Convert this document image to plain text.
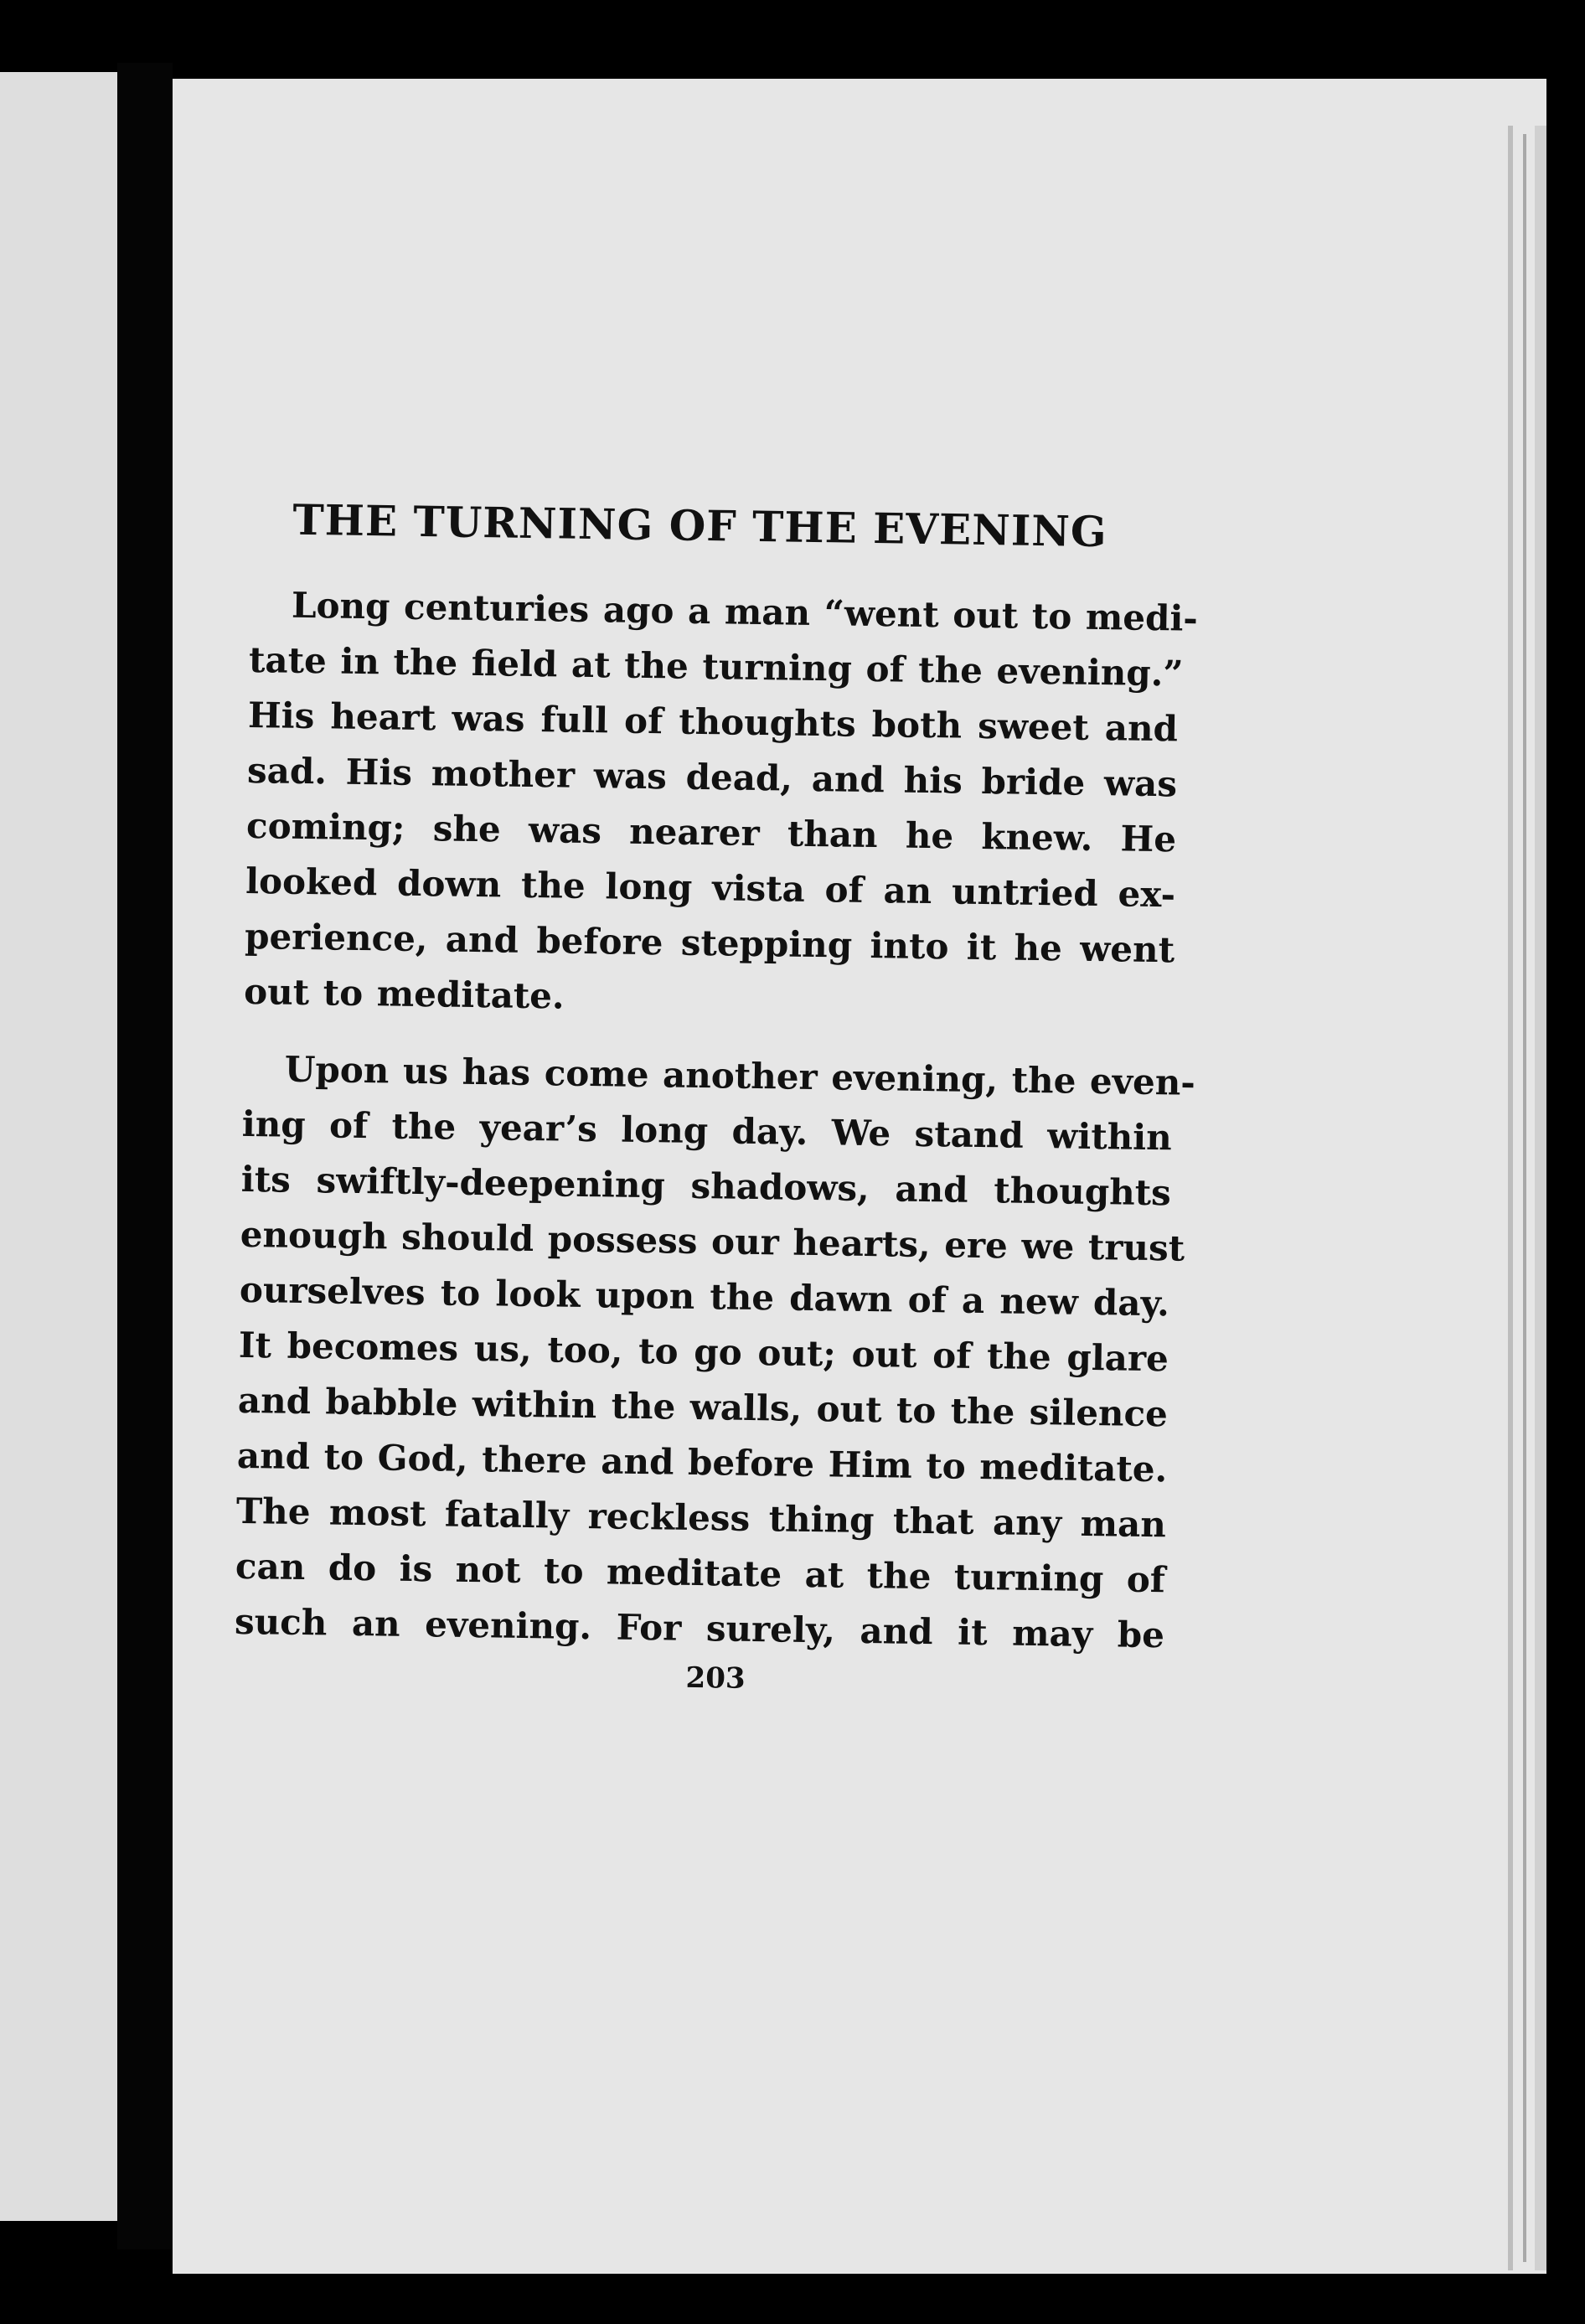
THE TURNING OF THE EVENING
Long centuries ago a man “went out to medi-
tate in the field at the turning of the evening.”
His heart was full of thoughts both sweet and
sad. His mother was dead, and his bride was
coming; she was nearer than he knew. He
looked down the long vista of an untried ex-
perience, and before stepping into it he went
out to meditate.
Upon us has come another evening, the even-
ing of the year’s long day. We stand within
its swiftly-deepening shadows, and thoughts
enough should possess our hearts, ere we trust
ourselves to look upon the dawn of a new day.
It becomes us, too, to go out; out of the glare
and babble within the walls, out to the silence
and to God, there and before Him to meditate.
The most fatally reckless thing that any man
can do is not to meditate at the turning of
such an evening. For surely, and it may be
203
